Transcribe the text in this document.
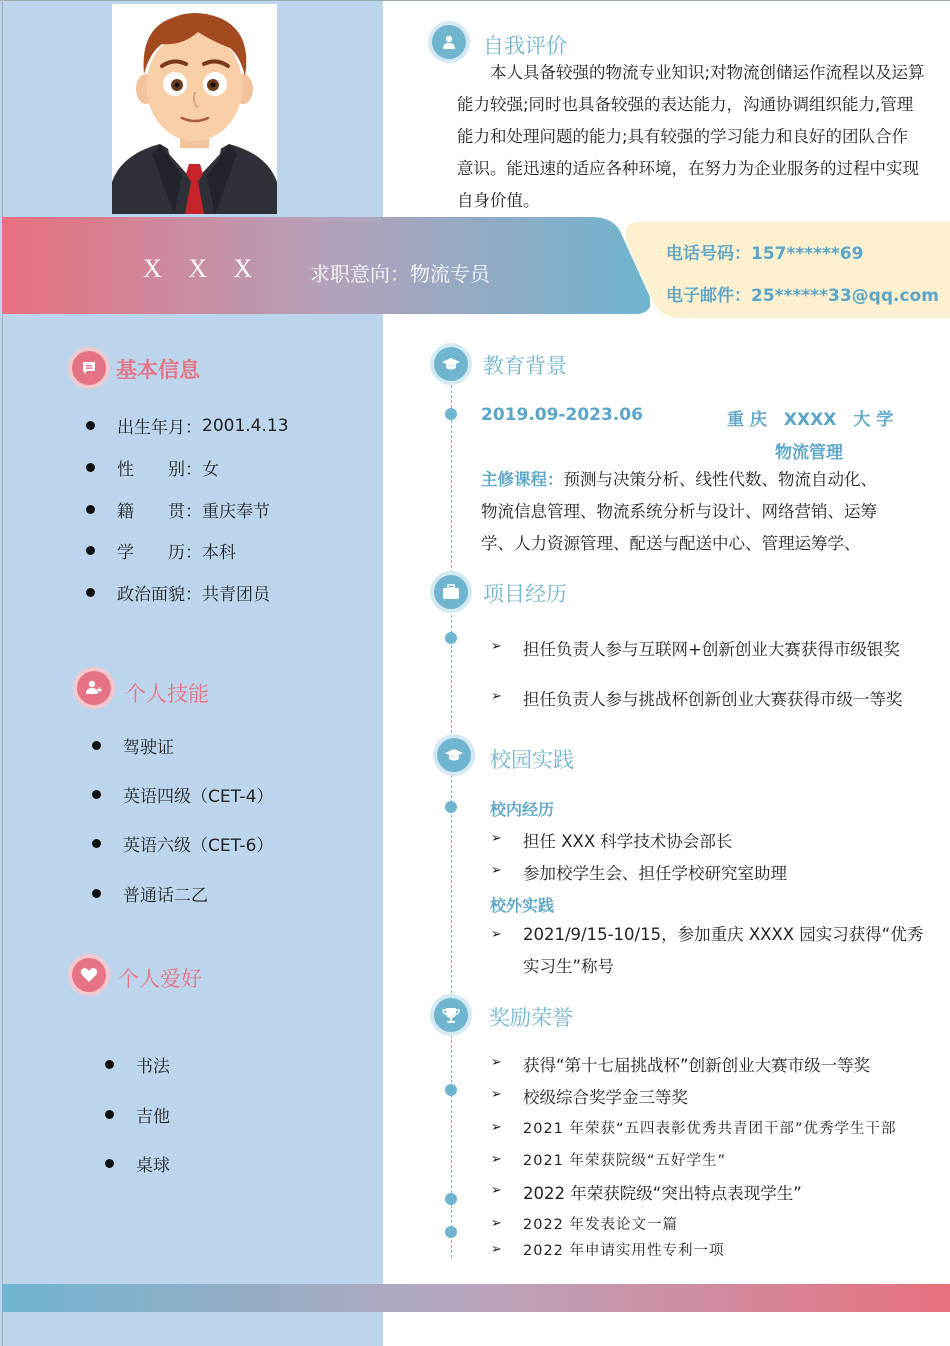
X X X 求职意向：物流专员
电话号码：157******69
电子邮件：25******33@qq.com
基本信息
出生年月： 2001.4.13
性　　别： 女
籍　　贯： 重庆奉节
学　　历： 本科
政治面貌： 共青团员
个人技能
驾驶证
英语四级（CET-4）
英语六级（CET-6）
普通话二乙
个人爱好
书法
吉他
桌球
自我评价
　　本人具备较强的物流专业知识;对物流创储运作流程以及运算
能力较强;同时也具备较强的表达能力，沟通协调组织能力,管理
能力和处理问题的能力;具有较强的学习能力和良好的团队合作
意识。能迅速的适应各种环境，在努力为企业服务的过程中实现
自身价值。
教育背景
2019.09-2023.06	重 庆　XXXX　大 学
物流管理
主修课程：预测与决策分析、线性代数、物流自动化、
物流信息管理、物流系统分析与设计、网络营销、运筹
学、人力资源管理、配送与配送中心、管理运筹学、
项目经历
➢	担任负责人参与互联网+创新创业大赛获得市级银奖
➢	担任负责人参与挑战杯创新创业大赛获得市级一等奖
校园实践
校内经历
➢	担任 XXX 科学技术协会部长
➢	参加校学生会、担任学校研究室助理
校外实践
➢	2021/9/15-10/15，参加重庆 XXXX 园实习获得“优秀
实习生”称号
奖励荣誉
➢	获得“第十七届挑战杯”创新创业大赛市级一等奖
➢	校级综合奖学金三等奖
➢	2021 年荣获“五四表彰优秀共青团干部”优秀学生干部
➢	2021 年荣获院级“五好学生”
➢	2022 年荣获院级“突出特点表现学生”
➢	2022 年发表论文一篇
➢	2022 年申请实用性专利一项
